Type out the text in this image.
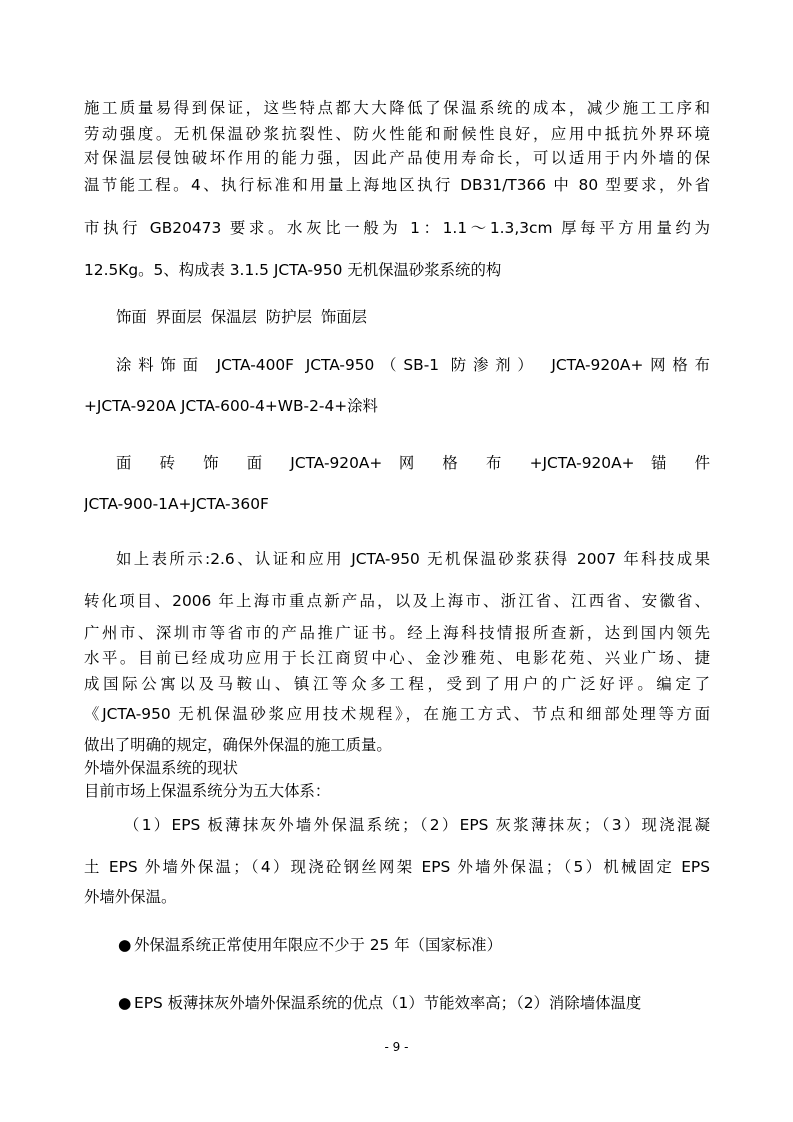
施工质量易得到保证，这些特点都大大降低了保温系统的成本，减少施工工序和
劳动强度。无机保温砂浆抗裂性、防火性能和耐候性良好，应用中抵抗外界环境
对保温层侵蚀破坏作用的能力强，因此产品使用寿命长，可以适用于内外墙的保
温节能工程。4、执行标准和用量上海地区执行 DB31/T366 中 80 型要求，外省
市执行 GB20473 要求。水灰比一般为 1：1.1～1.3,3cm 厚每平方用量约为
12.5Kg。5、构成表 3.1.5 JCTA-950 无机保温砂浆系统的构
饰面 界面层 保温层 防护层 饰面层
涂料饰面 JCTA-400F JCTA-950（SB-1 防渗剂） JCTA-920A+网格布
+JCTA-920A JCTA-600-4+WB-2-4+涂料
面 砖 饰 面 JCTA-920A+ 网 格 布 +JCTA-920A+ 锚 件
JCTA-900-1A+JCTA-360F
如上表所示:2.6、认证和应用 JCTA-950 无机保温砂浆获得 2007 年科技成果
转化项目、2006 年上海市重点新产品，以及上海市、浙江省、江西省、安徽省、
广州市、深圳市等省市的产品推广证书。经上海科技情报所查新，达到国内领先
水平。目前已经成功应用于长江商贸中心、金沙雅苑、电影花苑、兴业广场、捷
成国际公寓以及马鞍山、镇江等众多工程，受到了用户的广泛好评。编定了
《JCTA-950 无机保温砂浆应用技术规程》，在施工方式、节点和细部处理等方面
做出了明确的规定，确保外保温的施工质量。
外墙外保温系统的现状
目前市场上保温系统分为五大体系：
（1）EPS 板薄抹灰外墙外保温系统；（2）EPS 灰浆薄抹灰；（3）现浇混凝
土 EPS 外墙外保温；（4）现浇砼钢丝网架 EPS 外墙外保温；（5）机械固定 EPS
外墙外保温。
● 外保温系统正常使用年限应不少于 25 年（国家标准）
● EPS 板薄抹灰外墙外保温系统的优点（1）节能效率高；（2）消除墙体温度
- 9 -
